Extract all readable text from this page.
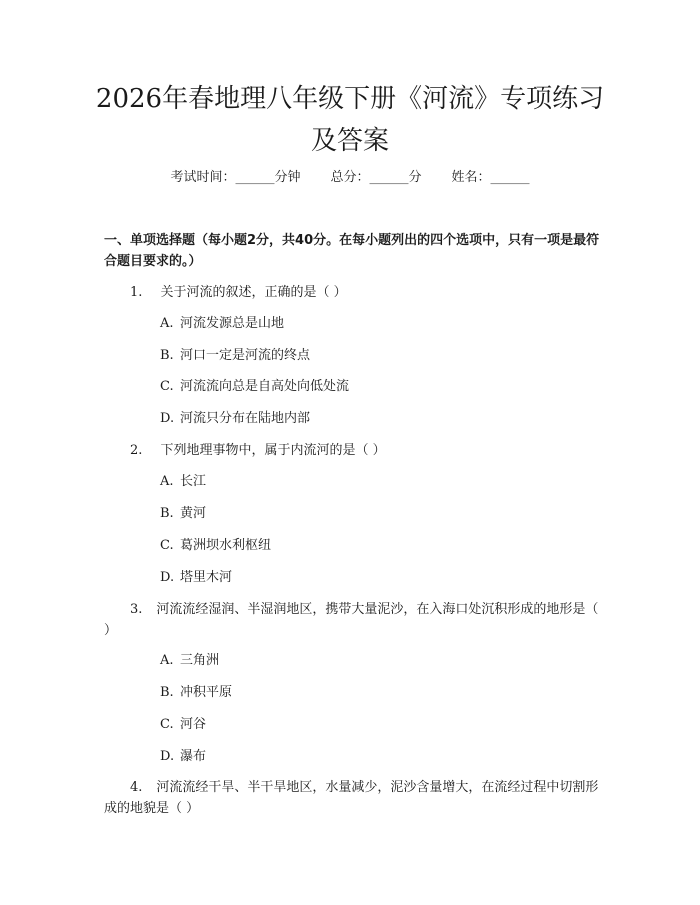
2026年春地理八年级下册《河流》专项练习
及答案
考试时间：______分钟 总分：______分 姓名：______
一、单项选择题（每小题2分，共40分。在每小题列出的四个选项中，只有一项是最符合题目要求的。）
1. 关于河流的叙述，正确的是（ ）
A. 河流发源总是山地
B. 河口一定是河流的终点
C. 河流流向总是自高处向低处流
D. 河流只分布在陆地内部
2. 下列地理事物中，属于内流河的是（ ）
A. 长江
B. 黄河
C. 葛洲坝水利枢纽
D. 塔里木河
3. 河流流经湿润、半湿润地区，携带大量泥沙，在入海口处沉积形成的地形是（ ）
A. 三角洲
B. 冲积平原
C. 河谷
D. 瀑布
4. 河流流经干旱、半干旱地区，水量减少，泥沙含量增大，在流经过程中切割形成的地貌是（ ）
